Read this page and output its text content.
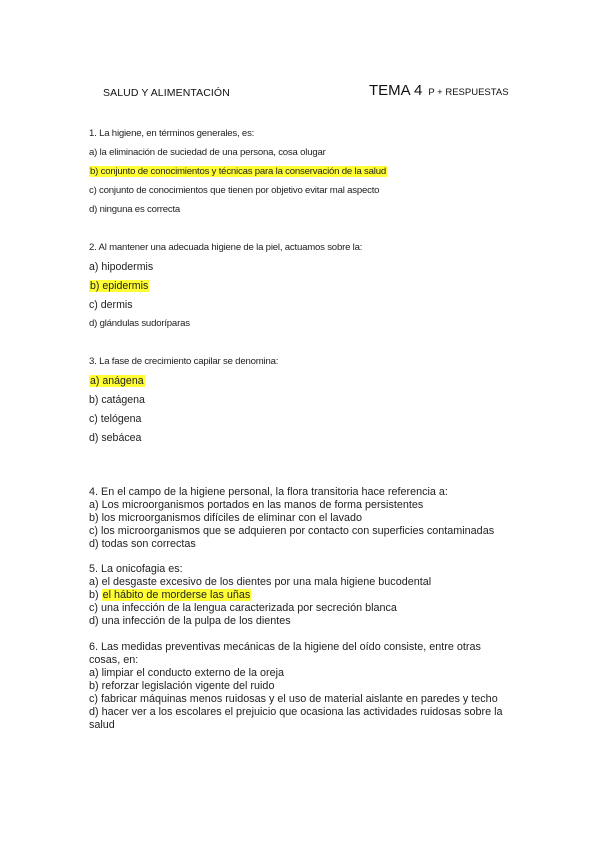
SALUD Y ALIMENTACIÓN	TEMA 4 P + RESPUESTAS
1. La higiene, en términos generales, es:
a) la eliminación de suciedad de una persona, cosa olugar
b) conjunto de conocimientos y técnicas para la conservación de la salud
c) conjunto de conocimientos que tienen por objetivo evitar mal aspecto
d) ninguna es correcta
2. Al mantener una adecuada higiene de la piel, actuamos sobre la:
a) hipodermis
b) epidermis
c) dermis
d) glándulas sudoríparas
3. La fase de crecimiento capilar se denomina:
a) anágena
b) catágena
c) telógena
d) sebácea
4. En el campo de la higiene personal, la flora transitoria hace referencia a:
a) Los microorganismos portados en las manos de forma persistentes
b) los microorganismos difíciles de eliminar con el lavado
c) los microorganismos que se adquieren por contacto con superficies contaminadas
d) todas son correctas
5. La onicofagia es:
a) el desgaste excesivo de los dientes por una mala higiene bucodental
b) el hábito de morderse las uñas
c) una infección de la lengua caracterizada por secreción blanca
d) una infección de la pulpa de los dientes
6. Las medidas preventivas mecánicas de la higiene del oído consiste, entre otras
cosas, en:
a) limpiar el conducto externo de la oreja
b) reforzar legislación vigente del ruido
c) fabricar máquinas menos ruidosas y el uso de material aislante en paredes y techo
d) hacer ver a los escolares el prejuicio que ocasiona las actividades ruidosas sobre la
salud
